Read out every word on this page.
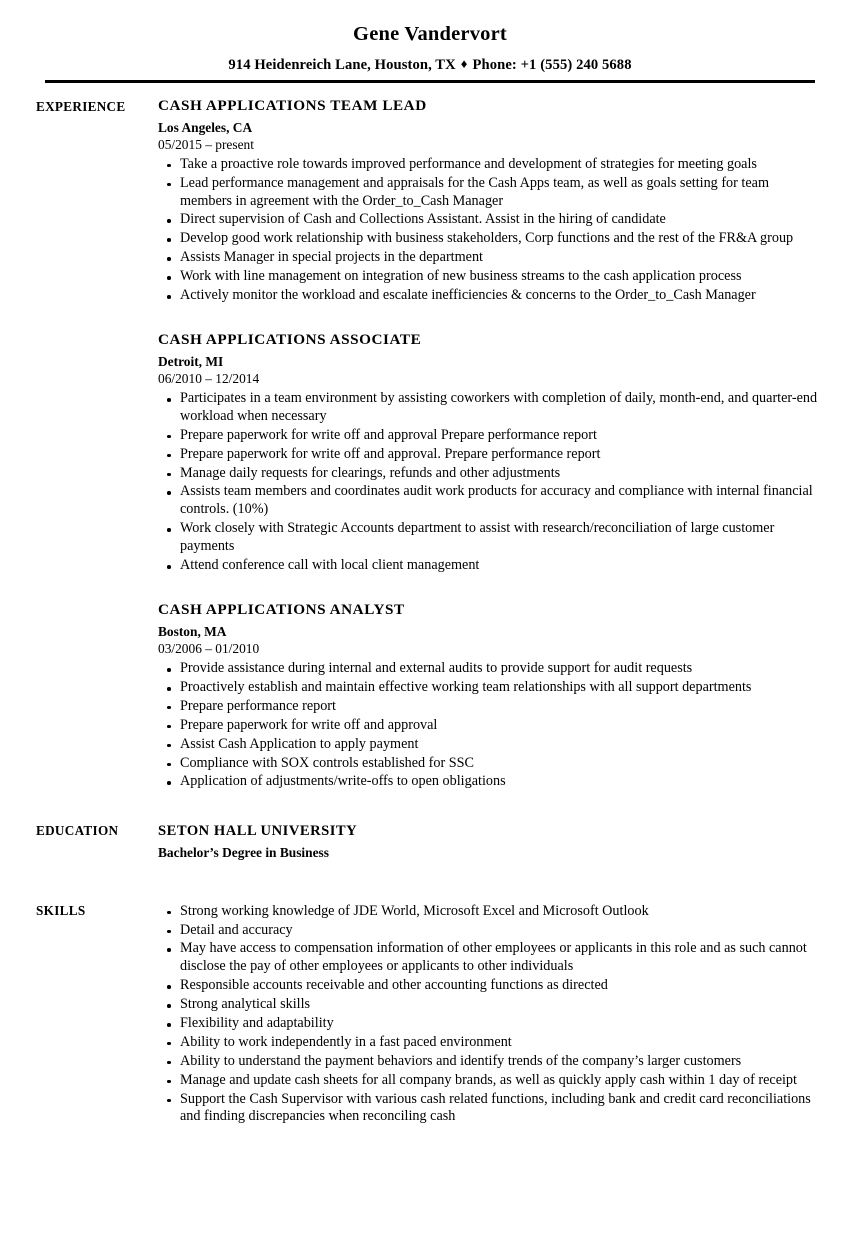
Gene Vandervort
914 Heidenreich Lane, Houston, TX ♦ Phone: +1 (555) 240 5688
EXPERIENCE	CASH APPLICATIONS TEAM LEAD
Los Angeles, CA
05/2015 – present
Take a proactive role towards improved performance and development of strategies for meeting goals
Lead performance management and appraisals for the Cash Apps team, as well as goals setting for team members in agreement with the Order_to_Cash Manager
Direct supervision of Cash and Collections Assistant. Assist in the hiring of candidate
Develop good work relationship with business stakeholders, Corp functions and the rest of the FR&A group
Assists Manager in special projects in the department
Work with line management on integration of new business streams to the cash application process
Actively monitor the workload and escalate inefficiencies & concerns to the Order_to_Cash Manager
CASH APPLICATIONS ASSOCIATE
Detroit, MI
06/2010 – 12/2014
Participates in a team environment by assisting coworkers with completion of daily, month-end, and quarter-end workload when necessary
Prepare paperwork for write off and approval Prepare performance report
Prepare paperwork for write off and approval. Prepare performance report
Manage daily requests for clearings, refunds and other adjustments
Assists team members and coordinates audit work products for accuracy and compliance with internal financial controls. (10%)
Work closely with Strategic Accounts department to assist with research/reconciliation of large customer payments
Attend conference call with local client management
CASH APPLICATIONS ANALYST
Boston, MA
03/2006 – 01/2010
Provide assistance during internal and external audits to provide support for audit requests
Proactively establish and maintain effective working team relationships with all support departments
Prepare performance report
Prepare paperwork for write off and approval
Assist Cash Application to apply payment
Compliance with SOX controls established for SSC
Application of adjustments/write-offs to open obligations
EDUCATION	SETON HALL UNIVERSITY
Bachelor’s Degree in Business
SKILLS	Strong working knowledge of JDE World, Microsoft Excel and Microsoft Outlook
Detail and accuracy
May have access to compensation information of other employees or applicants in this role and as such cannot disclose the pay of other employees or applicants to other individuals
Responsible accounts receivable and other accounting functions as directed
Strong analytical skills
Flexibility and adaptability
Ability to work independently in a fast paced environment
Ability to understand the payment behaviors and identify trends of the company’s larger customers
Manage and update cash sheets for all company brands, as well as quickly apply cash within 1 day of receipt
Support the Cash Supervisor with various cash related functions, including bank and credit card reconciliations and finding discrepancies when reconciling cash
